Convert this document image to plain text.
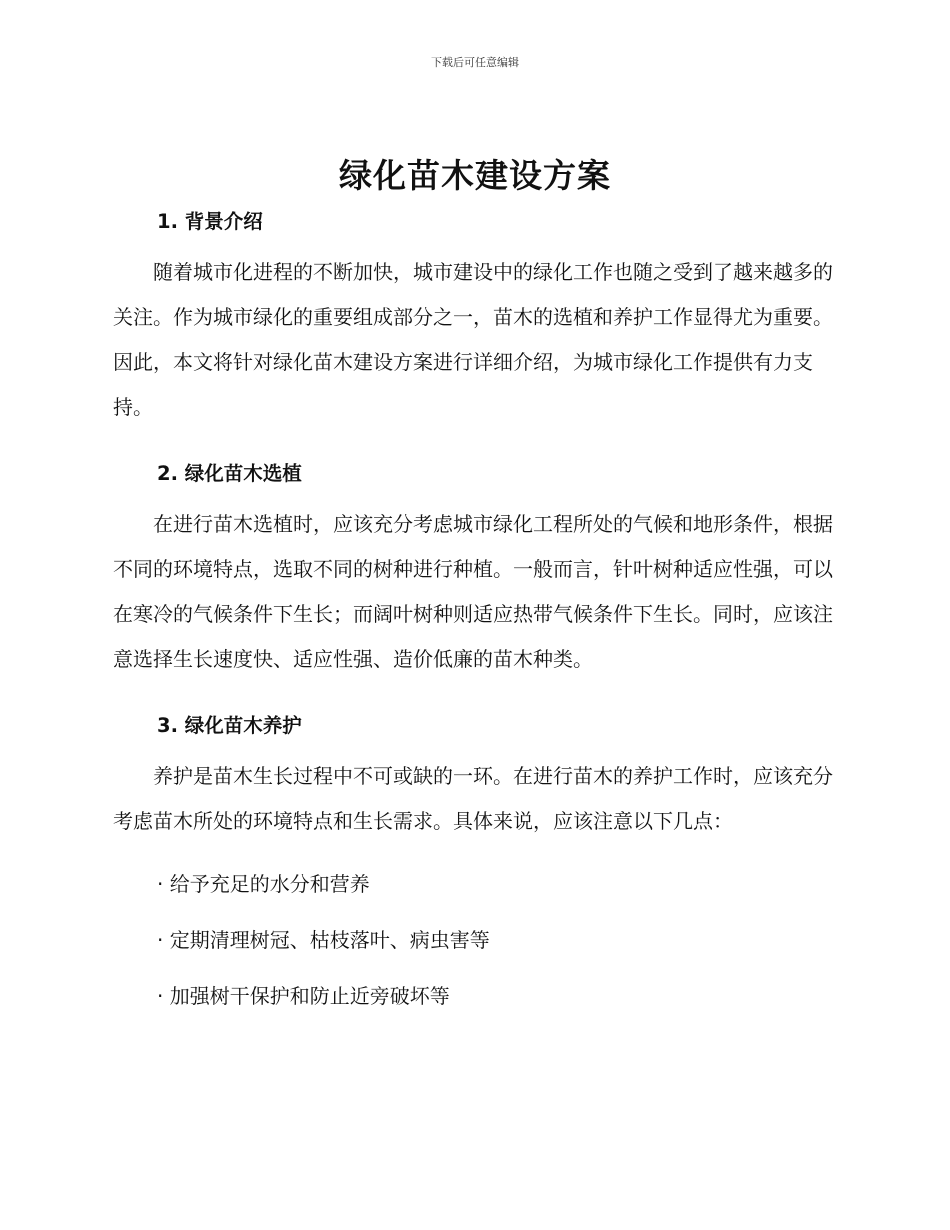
下载后可任意编辑
绿化苗木建设方案
1. 背景介绍

随着城市化进程的不断加快，城市建设中的绿化工作也随之受到了越来越多的关注。作为城市绿化的重要组成部分之一，苗木的选植和养护工作显得尤为重要。因此，本文将针对绿化苗木建设方案进行详细介绍，为城市绿化工作提供有力支持。

2. 绿化苗木选植

在进行苗木选植时，应该充分考虑城市绿化工程所处的气候和地形条件，根据不同的环境特点，选取不同的树种进行种植。一般而言，针叶树种适应性强，可以在寒冷的气候条件下生长；而阔叶树种则适应热带气候条件下生长。同时，应该注意选择生长速度快、适应性强、造价低廉的苗木种类。

3. 绿化苗木养护

养护是苗木生长过程中不可或缺的一环。在进行苗木的养护工作时，应该充分考虑苗木所处的环境特点和生长需求。具体来说，应该注意以下几点：

· 给予充足的水分和营养
· 定期清理树冠、枯枝落叶、病虫害等
· 加强树干保护和防止近旁破坏等
